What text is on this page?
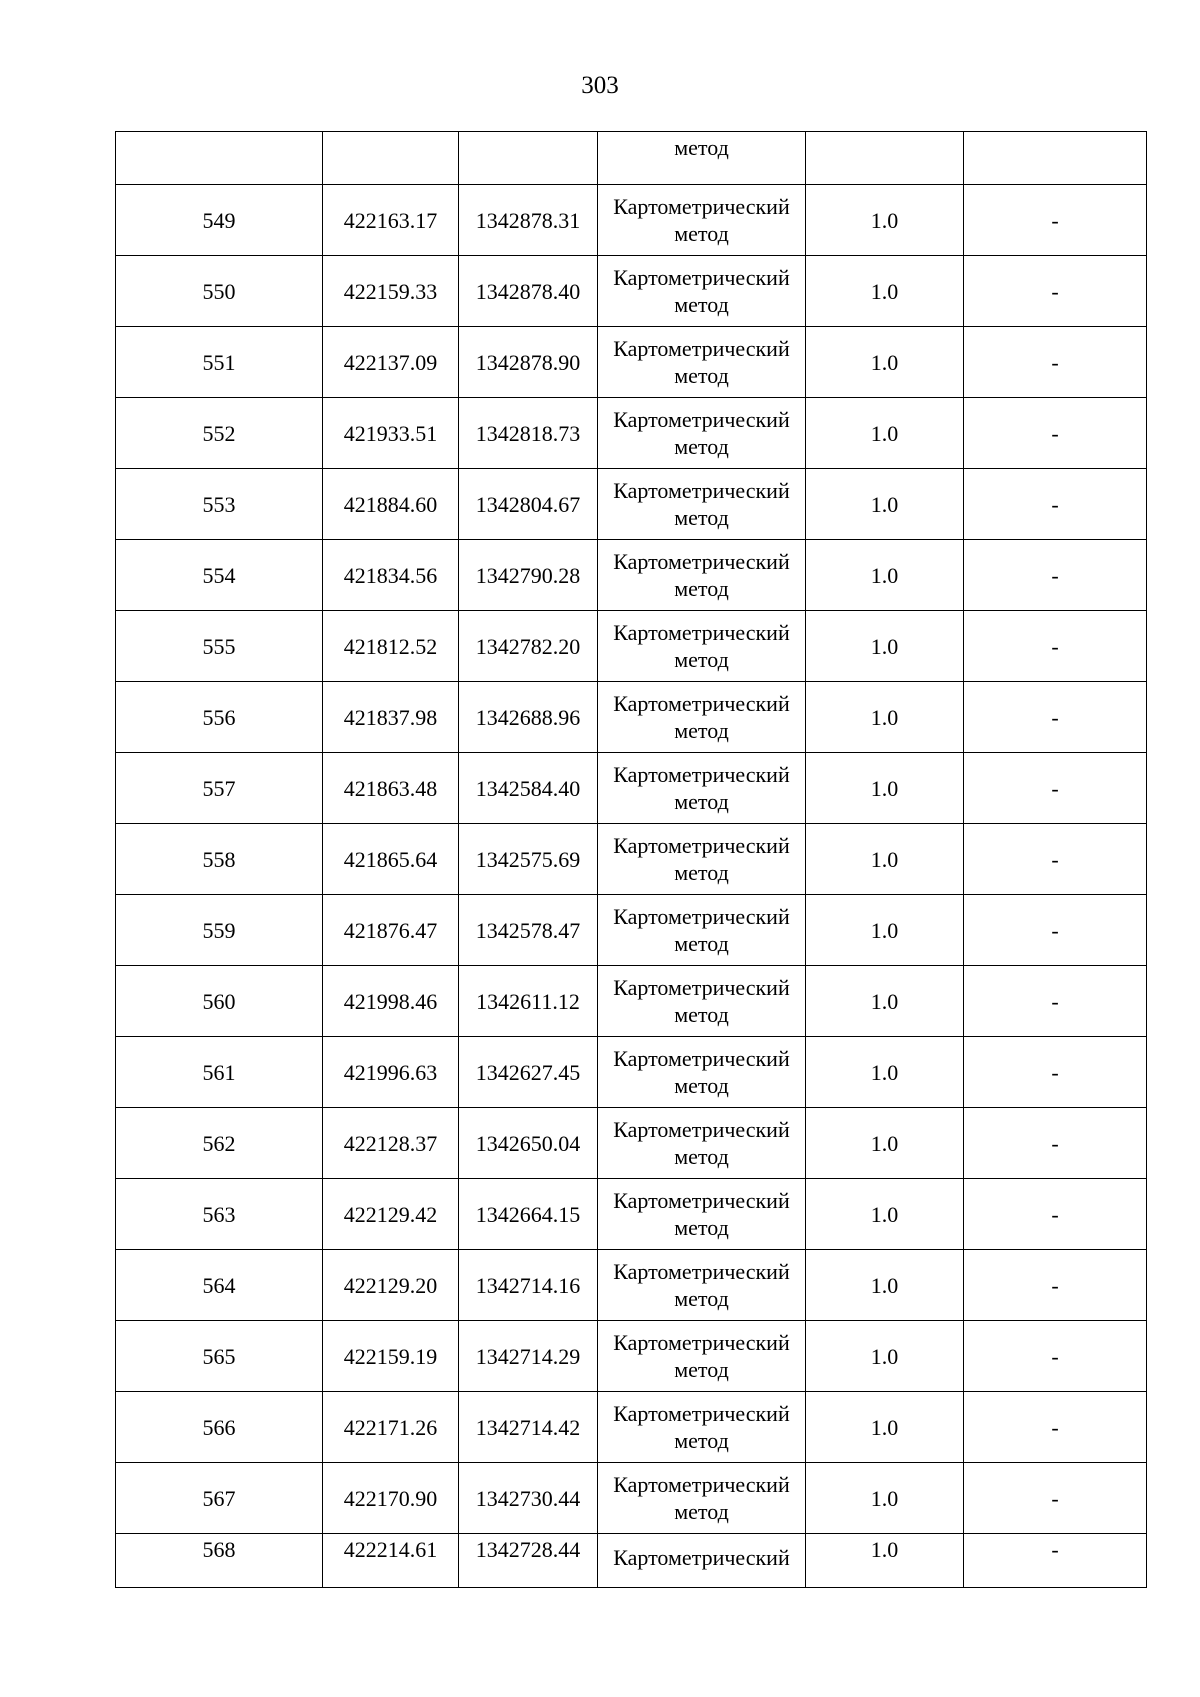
303
			метод		
549	422163.17	1342878.31	Картометрический метод	1.0	-
550	422159.33	1342878.40	Картометрический метод	1.0	-
551	422137.09	1342878.90	Картометрический метод	1.0	-
552	421933.51	1342818.73	Картометрический метод	1.0	-
553	421884.60	1342804.67	Картометрический метод	1.0	-
554	421834.56	1342790.28	Картометрический метод	1.0	-
555	421812.52	1342782.20	Картометрический метод	1.0	-
556	421837.98	1342688.96	Картометрический метод	1.0	-
557	421863.48	1342584.40	Картометрический метод	1.0	-
558	421865.64	1342575.69	Картометрический метод	1.0	-
559	421876.47	1342578.47	Картометрический метод	1.0	-
560	421998.46	1342611.12	Картометрический метод	1.0	-
561	421996.63	1342627.45	Картометрический метод	1.0	-
562	422128.37	1342650.04	Картометрический метод	1.0	-
563	422129.42	1342664.15	Картометрический метод	1.0	-
564	422129.20	1342714.16	Картометрический метод	1.0	-
565	422159.19	1342714.29	Картометрический метод	1.0	-
566	422171.26	1342714.42	Картометрический метод	1.0	-
567	422170.90	1342730.44	Картометрический метод	1.0	-
568	422214.61	1342728.44	Картометрический	1.0	-
